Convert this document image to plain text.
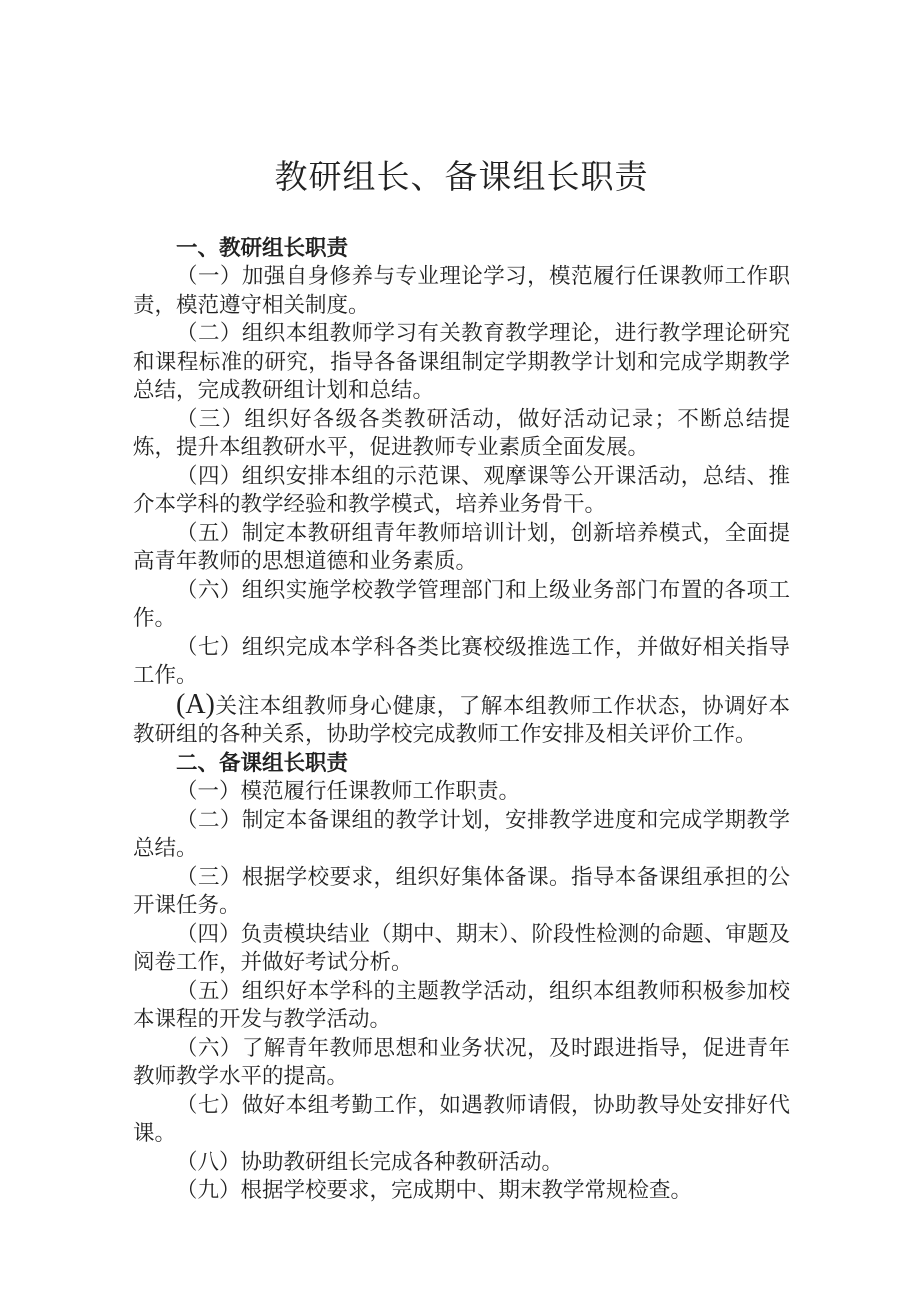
教研组长、备课组长职责
一、教研组长职责

（一）加强自身修养与专业理论学习，模范履行任课教师工作职责，模范遵守相关制度。

（二）组织本组教师学习有关教育教学理论，进行教学理论研究和课程标准的研究，指导各备课组制定学期教学计划和完成学期教学总结，完成教研组计划和总结。

（三）组织好各级各类教研活动，做好活动记录；不断总结提炼，提升本组教研水平，促进教师专业素质全面发展。

（四）组织安排本组的示范课、观摩课等公开课活动，总结、推介本学科的教学经验和教学模式，培养业务骨干。

（五）制定本教研组青年教师培训计划，创新培养模式，全面提高青年教师的思想道德和业务素质。

（六）组织实施学校教学管理部门和上级业务部门布置的各项工作。

（七）组织完成本学科各类比赛校级推选工作，并做好相关指导工作。

(A)关注本组教师身心健康，了解本组教师工作状态，协调好本教研组的各种关系，协助学校完成教师工作安排及相关评价工作。

二、备课组长职责

（一）模范履行任课教师工作职责。

（二）制定本备课组的教学计划，安排教学进度和完成学期教学总结。

（三）根据学校要求，组织好集体备课。指导本备课组承担的公开课任务。

（四）负责模块结业（期中、期末）、阶段性检测的命题、审题及阅卷工作，并做好考试分析。

（五）组织好本学科的主题教学活动，组织本组教师积极参加校本课程的开发与教学活动。

（六）了解青年教师思想和业务状况，及时跟进指导，促进青年教师教学水平的提高。

（七）做好本组考勤工作，如遇教师请假，协助教导处安排好代课。

（八）协助教研组长完成各种教研活动。

（九）根据学校要求，完成期中、期末教学常规检查。
